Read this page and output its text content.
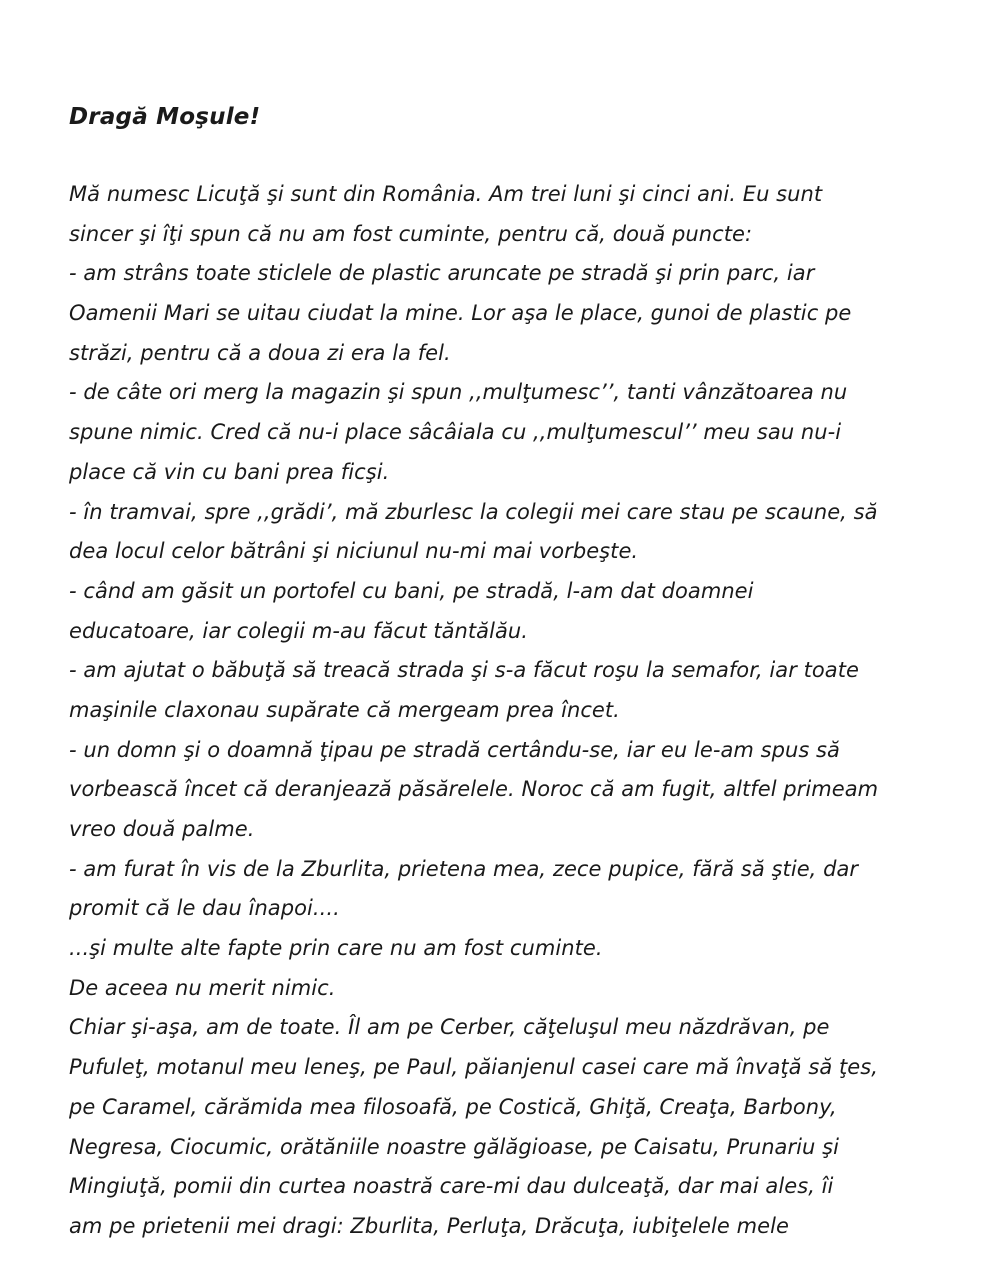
Dragă Moşule!
Mă numesc Licuţă şi sunt din România. Am trei luni şi cinci ani. Eu sunt
sincer şi îţi spun că nu am fost cuminte, pentru că, două puncte:
- am strâns toate sticlele de plastic aruncate pe stradă şi prin parc, iar
Oamenii Mari se uitau ciudat la mine. Lor aşa le place, gunoi de plastic pe
străzi, pentru că a doua zi era la fel.
- de câte ori merg la magazin şi spun ,,mulţumesc’’, tanti vânzătoarea nu
spune nimic. Cred că nu-i place sâcâiala cu ,,mulţumescul’’ meu sau nu-i
place că vin cu bani prea ficşi.
- în tramvai, spre ,,grădi’, mă zburlesc la colegii mei care stau pe scaune, să
dea locul celor bătrâni şi niciunul nu-mi mai vorbeşte.
- când am găsit un portofel cu bani, pe stradă, l-am dat doamnei
educatoare, iar colegii m-au făcut tăntălău.
- am ajutat o băbuţă să treacă strada şi s-a făcut roşu la semafor, iar toate
maşinile claxonau supărate că mergeam prea încet.
- un domn şi o doamnă ţipau pe stradă certându-se, iar eu le-am spus să
vorbească încet că deranjează păsărelele. Noroc că am fugit, altfel primeam
vreo două palme.
- am furat în vis de la Zburlita, prietena mea, zece pupice, fără să ştie, dar
promit că le dau înapoi....
...şi multe alte fapte prin care nu am fost cuminte.
De aceea nu merit nimic.
Chiar şi-aşa, am de toate. Îl am pe Cerber, căţeluşul meu năzdrăvan, pe
Pufuleţ, motanul meu leneş, pe Paul, păianjenul casei care mă învaţă să ţes,
pe Caramel, cărămida mea filosoafă, pe Costică, Ghiţă, Creaţa, Barbony,
Negresa, Ciocumic, orătăniile noastre gălăgioase, pe Caisatu, Prunariu şi
Mingiuţă, pomii din curtea noastră care-mi dau dulceaţă, dar mai ales, îi
am pe prietenii mei dragi: Zburlita, Perluţa, Drăcuţa, iubiţelele mele
